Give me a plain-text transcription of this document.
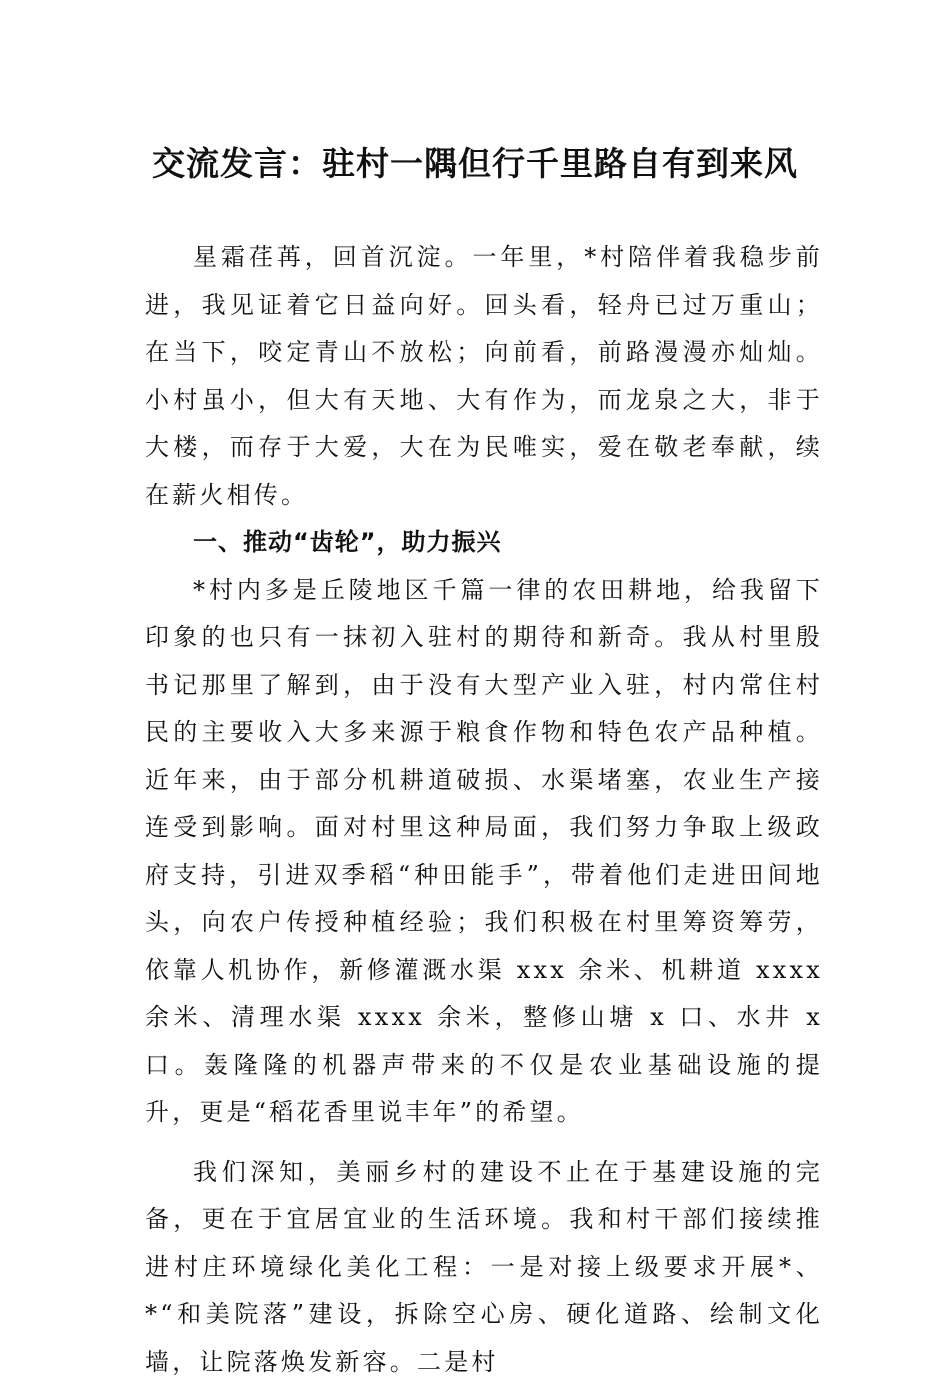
交流发言：驻村一隅但行千里路自有到来风

星霜荏苒，回首沉淀。一年里，*村陪伴着我稳步前进，我见证着它日益向好。回头看，轻舟已过万重山；在当下，咬定青山不放松；向前看，前路漫漫亦灿灿。小村虽小，但大有天地、大有作为，而龙泉之大，非于大楼，而存于大爱，大在为民唯实，爱在敬老奉献，续在薪火相传。

一、推动“齿轮”，助力振兴

*村内多是丘陵地区千篇一律的农田耕地，给我留下印象的也只有一抹初入驻村的期待和新奇。我从村里殷书记那里了解到，由于没有大型产业入驻，村内常住村民的主要收入大多来源于粮食作物和特色农产品种植。近年来，由于部分机耕道破损、水渠堵塞，农业生产接连受到影响。面对村里这种局面，我们努力争取上级政府支持，引进双季稻“种田能手”，带着他们走进田间地头，向农户传授种植经验；我们积极在村里筹资筹劳，依靠人机协作，新修灌溉水渠 xxx 余米、机耕道 xxxx 余米、清理水渠 xxxx 余米，整修山塘 x 口、水井 x 口。轰隆隆的机器声带来的不仅是农业基础设施的提升，更是“稻花香里说丰年”的希望。

我们深知，美丽乡村的建设不止在于基建设施的完备，更在于宜居宜业的生活环境。我和村干部们接续推进村庄环境绿化美化工程：一是对接上级要求开展*、*“和美院落”建设，拆除空心房、硬化道路、绘制文化墙，让院落焕发新容。二是村
